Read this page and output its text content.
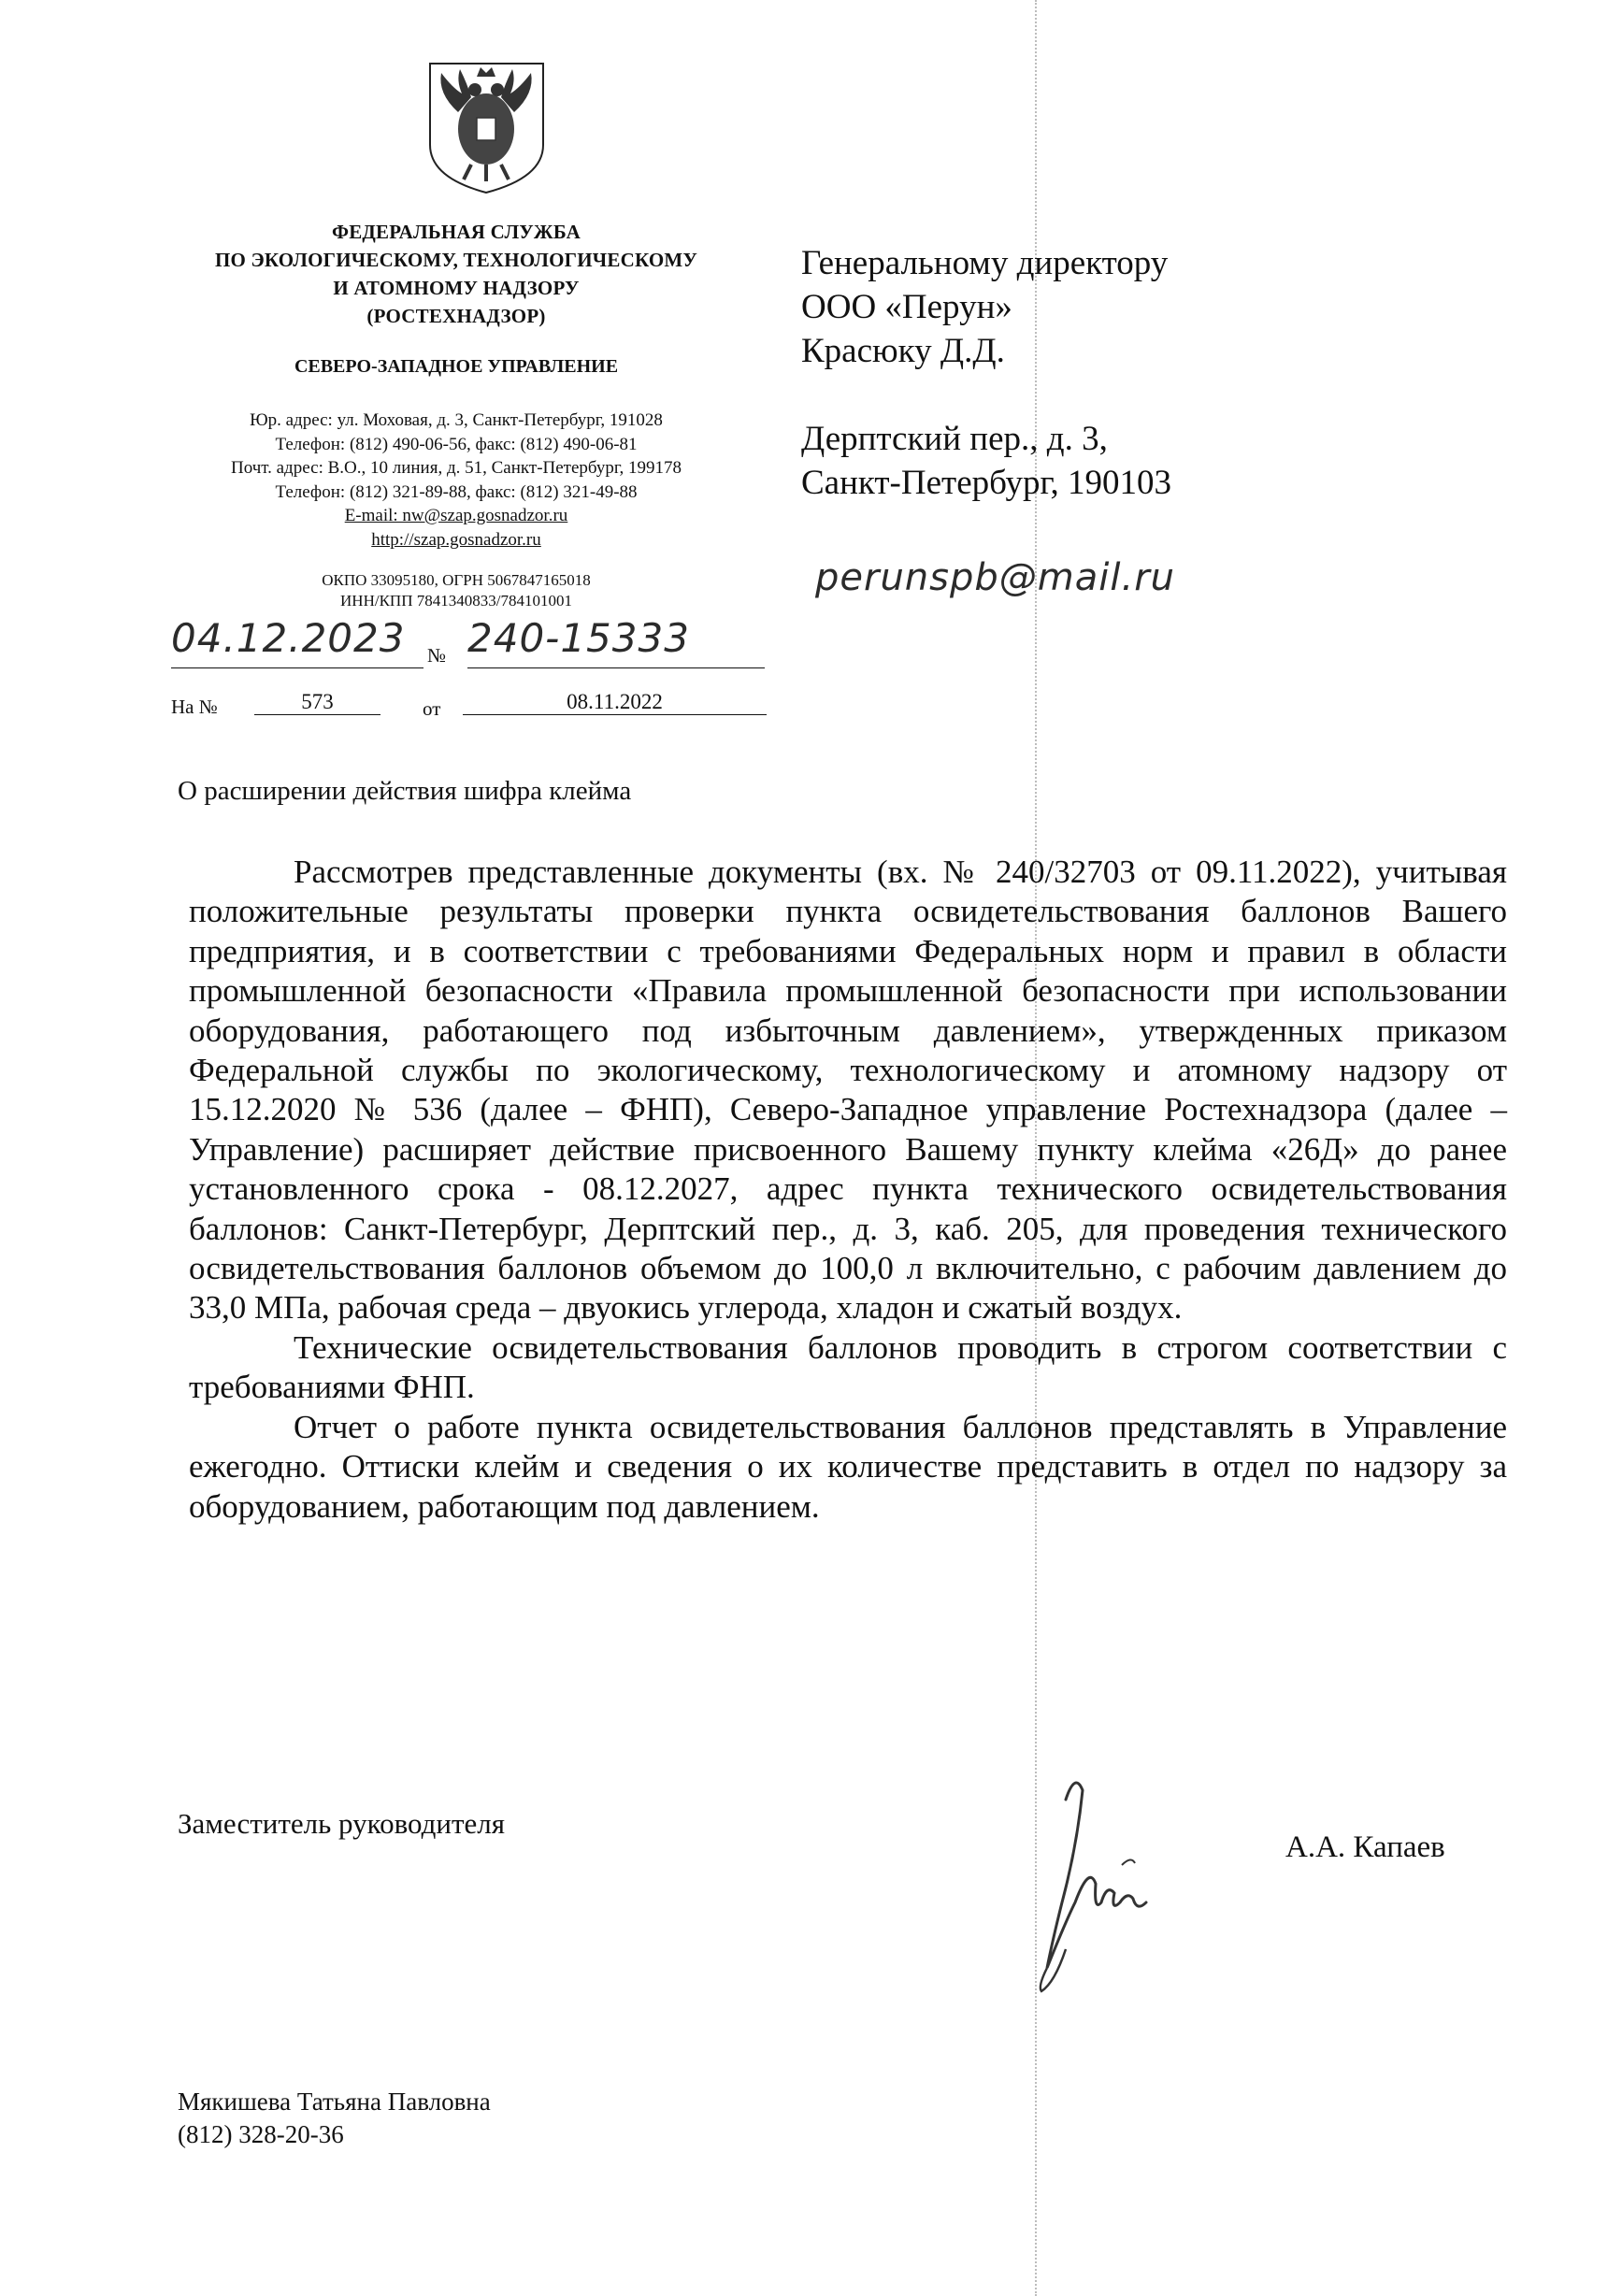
ФЕДЕРАЛЬНАЯ СЛУЖБА
ПО ЭКОЛОГИЧЕСКОМУ, ТЕХНОЛОГИЧЕСКОМУ
И АТОМНОМУ НАДЗОРУ
(РОСТЕХНАДЗОР)
СЕВЕРО-ЗАПАДНОЕ УПРАВЛЕНИЕ
Юр. адрес: ул. Моховая, д. 3, Санкт-Петербург, 191028
Телефон: (812) 490-06-56, факс: (812) 490-06-81
Почт. адрес: В.О., 10 линия, д. 51, Санкт-Петербург, 199178
Телефон: (812) 321-89-88, факс: (812) 321-49-88
E-mail: nw@szap.gosnadzor.ru
http://szap.gosnadzor.ru
ОКПО 33095180, ОГРН 5067847165018
ИНН/КПП 7841340833/784101001
04.12.2023	№ 240-15333
На №	573	от	08.11.2022
Генеральному директору
ООО «Перун»
Красюку Д.Д.
Дерптский пер., д. 3,
Санкт-Петербург, 190103
perunspb@mail.ru
О расширении действия шифра клейма

Рассмотрев представленные документы (вх. № 240/32703 от 09.11.2022), учитывая положительные результаты проверки пункта освидетельствования баллонов Вашего предприятия, и в соответствии с требованиями Федеральных норм и правил в области промышленной безопасности «Правила промышленной безопасности при использовании оборудования, работающего под избыточным давлением», утвержденных приказом Федеральной службы по экологическому, технологическому и атомному надзору от 15.12.2020 № 536 (далее – ФНП), Северо-Западное управление Ростехнадзора (далее – Управление) расширяет действие присвоенного Вашему пункту клейма «26Д» до ранее установленного срока - 08.12.2027, адрес пункта технического освидетельствования баллонов: Санкт-Петербург, Дерптский пер., д. 3, каб. 205, для проведения технического освидетельствования баллонов объемом до 100,0 л включительно, с рабочим давлением до 33,0 МПа, рабочая среда – двуокись углерода, хладон и сжатый воздух.

Технические освидетельствования баллонов проводить в строгом соответствии с требованиями ФНП.

Отчет о работе пункта освидетельствования баллонов представлять в Управление ежегодно. Оттиски клейм и сведения о их количестве представить в отдел по надзору за оборудованием, работающим под давлением.

Заместитель руководителя
А.А. Капаев
Мякишева Татьяна Павловна
(812) 328-20-36
